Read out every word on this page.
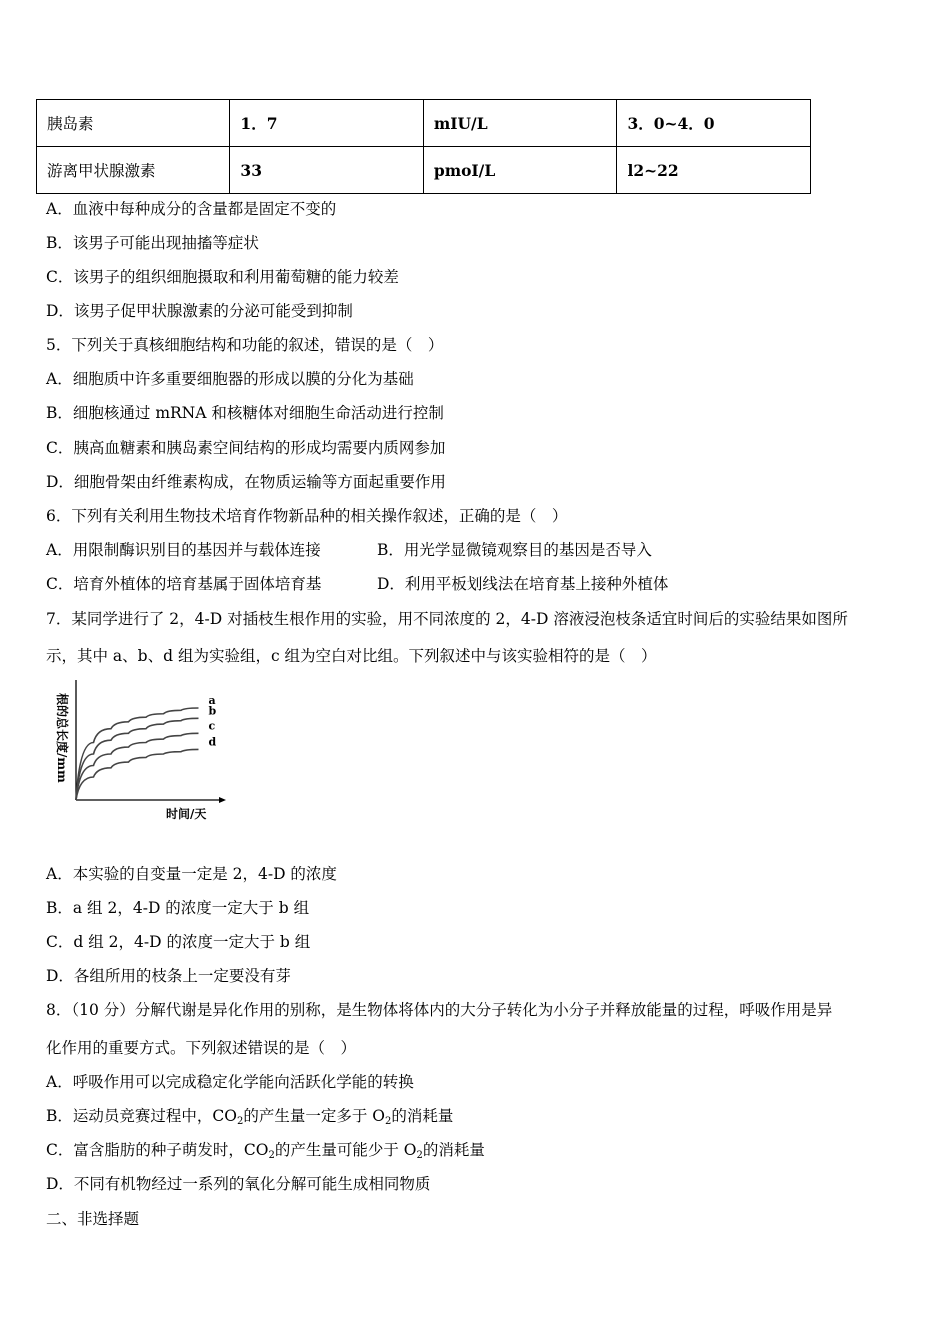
胰岛素	1．7	mIU/L	3．0~4．0
游离甲状腺激素	33	pmoI/L	l2~22
A．血液中每种成分的含量都是固定不变的
B．该男子可能出现抽搐等症状
C．该男子的组织细胞摄取和利用葡萄糖的能力较差
D．该男子促甲状腺激素的分泌可能受到抑制
5．下列关于真核细胞结构和功能的叙述，错误的是（　）
A．细胞质中许多重要细胞器的形成以膜的分化为基础
B．细胞核通过 mRNA 和核糖体对细胞生命活动进行控制
C．胰高血糖素和胰岛素空间结构的形成均需要内质网参加
D．细胞骨架由纤维素构成，在物质运输等方面起重要作用
6．下列有关利用生物技术培育作物新品种的相关操作叙述，正确的是（　）
A．用限制酶识别目的基因并与载体连接	B．用光学显微镜观察目的基因是否导入
C．培育外植体的培育基属于固体培育基	D．利用平板划线法在培育基上接种外植体
7．某同学进行了 2，4-D 对插枝生根作用的实验，用不同浓度的 2，4-D 溶液浸泡枝条适宜时间后的实验结果如图所
示，其中 a、b、d 组为实验组，c 组为空白对比组。下列叙述中与该实验相符的是（　）
a
b
c
d
时间/天
根的总长度/mm
A．本实验的自变量一定是 2，4-D 的浓度
B．a 组 2，4-D 的浓度一定大于 b 组
C．d 组 2，4-D 的浓度一定大于 b 组
D．各组所用的枝条上一定要没有芽
8．（10 分）分解代谢是异化作用的别称，是生物体将体内的大分子转化为小分子并释放能量的过程，呼吸作用是异
化作用的重要方式。下列叙述错误的是（　）
A．呼吸作用可以完成稳定化学能向活跃化学能的转换
B．运动员竞赛过程中，$CO_2$的产生量一定多于 $O_2$的消耗量
C．富含脂肪的种子萌发时，$CO_2$的产生量可能少于 $O_2$的消耗量
D．不同有机物经过一系列的氧化分解可能生成相同物质
二、非选择题
